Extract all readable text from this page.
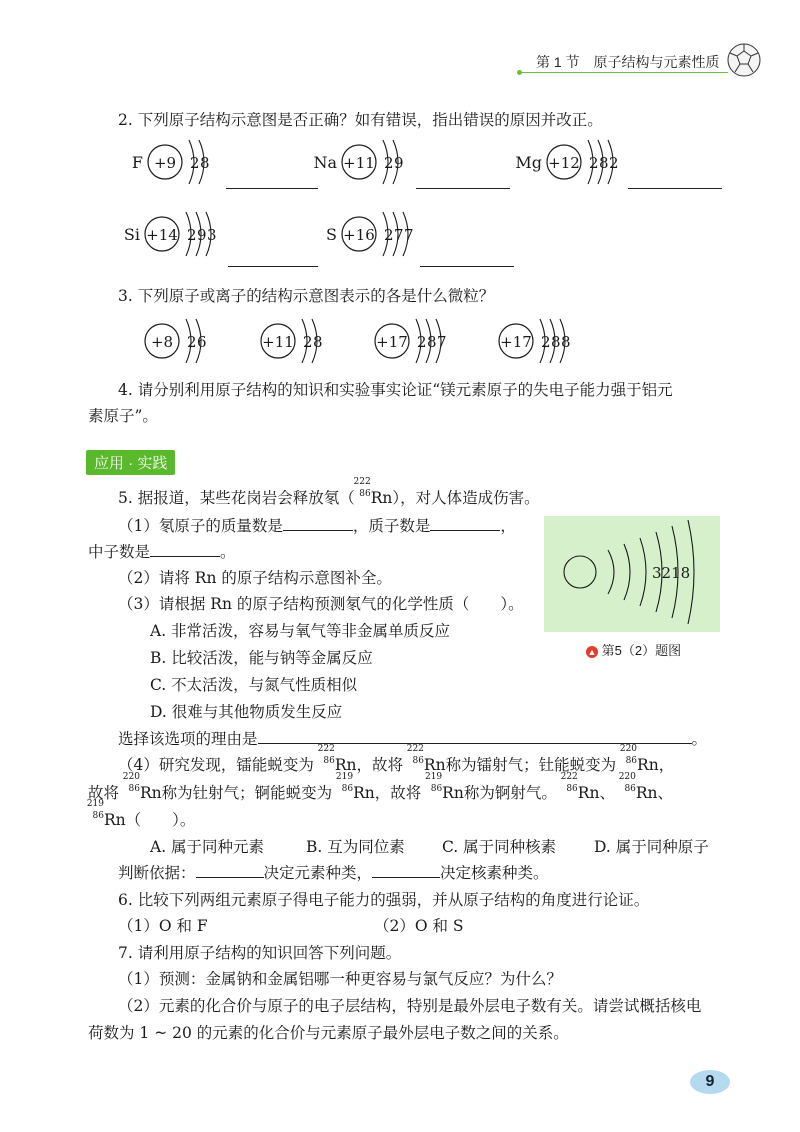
第 1 节 原子结构与元素性质
2. 下列原子结构示意图是否正确？如有错误，指出错误的原因并改正。
F +9 2 8	Na +11 2 9	Mg +12 2 8 2
Si +14 2 9 3	S +16 2 7 7
+8 2 6	+11 2 8	+17 2 8 7	+17 2 8 8
3. 下列原子或离子的结构示意图表示的各是什么微粒？
4. 请分别利用原子结构的知识和实验事实论证“镁元素原子的失电子能力强于铝元
素原子”。
应用 · 实践
5. 据报道，某些花岗岩会释放氡（
222
86 Rn），对人体造成伤害。
（1）氡原子的质量数是	，质子数是	，
中子数是	。
（2）请将 Rn 的原子结构示意图补全。
（3）请根据 Rn 的原子结构预测氡气的化学性质（　　）。
A. 非常活泼，容易与氧气等非金属单质反应
B. 比较活泼，能与钠等金属反应
C. 不太活泼，与氮气性质相似
D. 很难与其他物质发生反应
选择该选项的理由是	。
3218
▲ 第5（2）题图
（4）研究发现，镭能蜕变为
222
86 Rn，故将
222
86 Rn称为镭射气；钍能蜕变为
220
86 Rn，
故将
220
86 Rn称为钍射气；锕能蜕变为
219
86 Rn，故将
219
86 Rn称为锕射气。
222
86 Rn、
220
86 Rn、
219
86 Rn（　　）。
A. 属于同种元素	B. 互为同位素 C. 属于同种核素 D. 属于同种原子
判断依据：	决定元素种类，	决定核素种类。
6. 比较下列两组元素原子得电子能力的强弱，并从原子结构的角度进行论证。
（1）O 和 F	（2）O 和 S
7. 请利用原子结构的知识回答下列问题。
（1）预测：金属钠和金属铝哪一种更容易与氯气反应？为什么？
（2）元素的化合价与原子的电子层结构，特别是最外层电子数有关。请尝试概括核电
荷数为 1 ~ 20 的元素的化合价与元素原子最外层电子数之间的关系。
9
